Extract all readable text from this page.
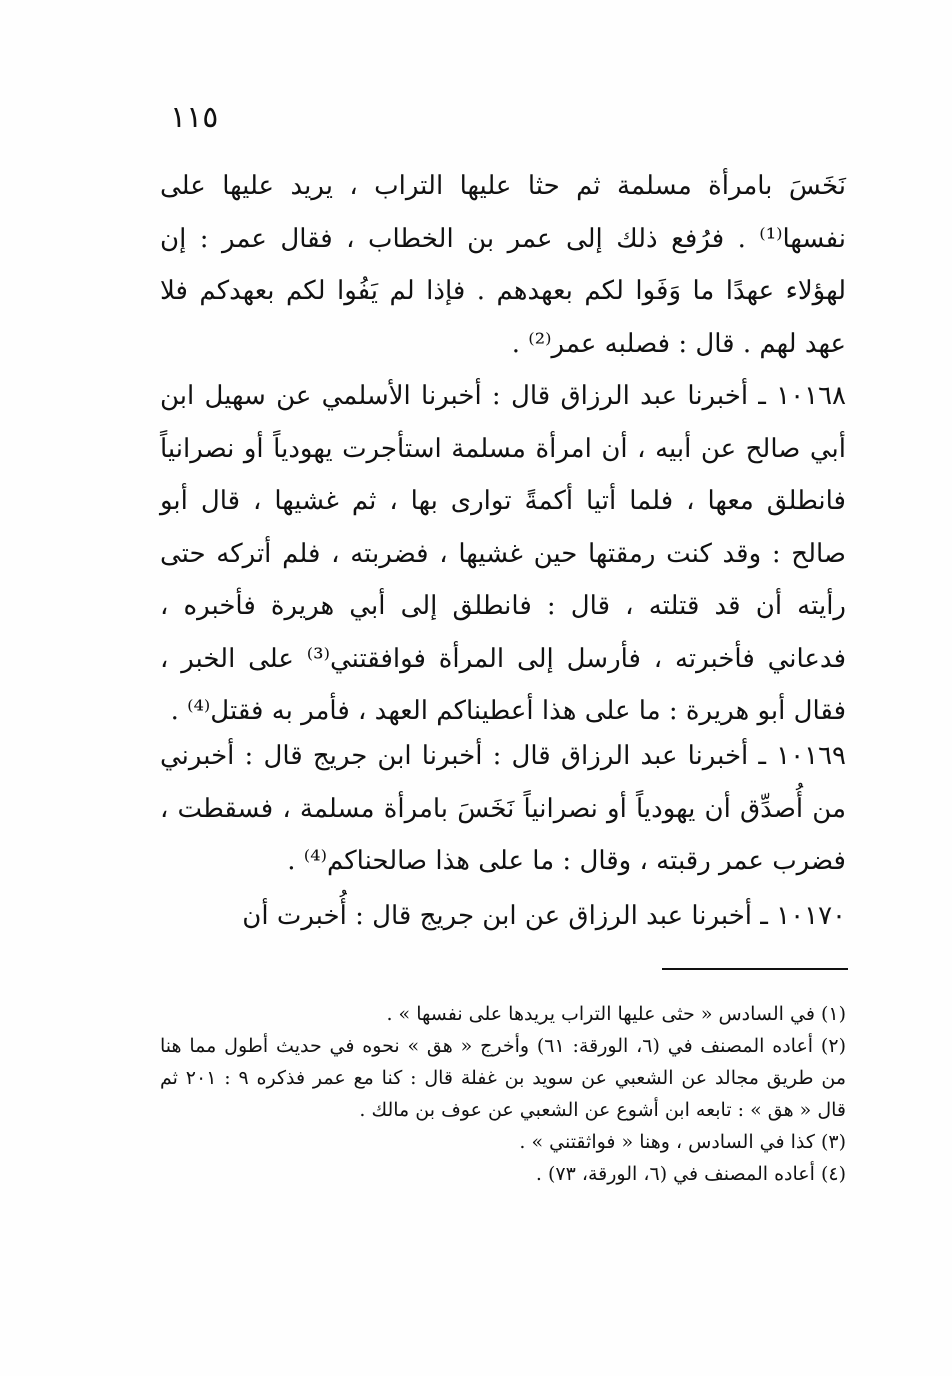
١١٥

نَخَسَ بامرأة مسلمة ثم حثا عليها التراب ، يريد عليها على نفسها⁽¹⁾ . فرُفع ذلك إلى عمر بن الخطاب ، فقال عمر : إن لهؤلاء عهدًا ما وَفَوا لكم بعهدهم . فإذا لم يَفُوا لكم بعهدكم فلا عهد لهم . قال : فصلبه عمر⁽²⁾ .

١٠١٦٨ ـ أخبرنا عبد الرزاق قال : أخبرنا الأسلمي عن سهيل ابن أبي صالح عن أبيه ، أن امرأة مسلمة استأجرت يهودياً أو نصرانياً فانطلق معها ، فلما أتيا أكمةً توارى بها ، ثم غشيها ، قال أبو صالح : وقد كنت رمقتها حين غشيها ، فضربته ، فلم أتركه حتى رأيته أن قد قتلته ، قال : فانطلق إلى أبي هريرة فأخبره ، فدعاني فأخبرته ، فأرسل إلى المرأة فوافقتني⁽³⁾ على الخبر ، فقال أبو هريرة : ما على هذا أعطيناكم العهد ، فأمر به فقتل⁽⁴⁾ .

١٠١٦٩ ـ أخبرنا عبد الرزاق قال : أخبرنا ابن جريج قال : أخبرني من أُصدِّق أن يهودياً أو نصرانياً نَخَسَ بامرأة مسلمة ، فسقطت ، فضرب عمر رقبته ، وقال : ما على هذا صالحناكم⁽⁴⁾ .

١٠١٧٠ ـ أخبرنا عبد الرزاق عن ابن جريج قال : أُخبرت أن

(١) في السادس « حثى عليها التراب يريدها على نفسها » .

(٢) أعاده المصنف في (٦، الورقة: ٦١) وأخرج « هق » نحوه في حديث أطول مما هنا من طريق مجالد عن الشعبي عن سويد بن غفلة قال : كنا مع عمر فذكره ٩ : ٢٠١ ثم قال « هق » : تابعه ابن أشوع عن الشعبي عن عوف بن مالك .

(٣) كذا في السادس ، وهنا « فواثقتني » .

(٤) أعاده المصنف في (٦، الورقة، ٧٣) .
